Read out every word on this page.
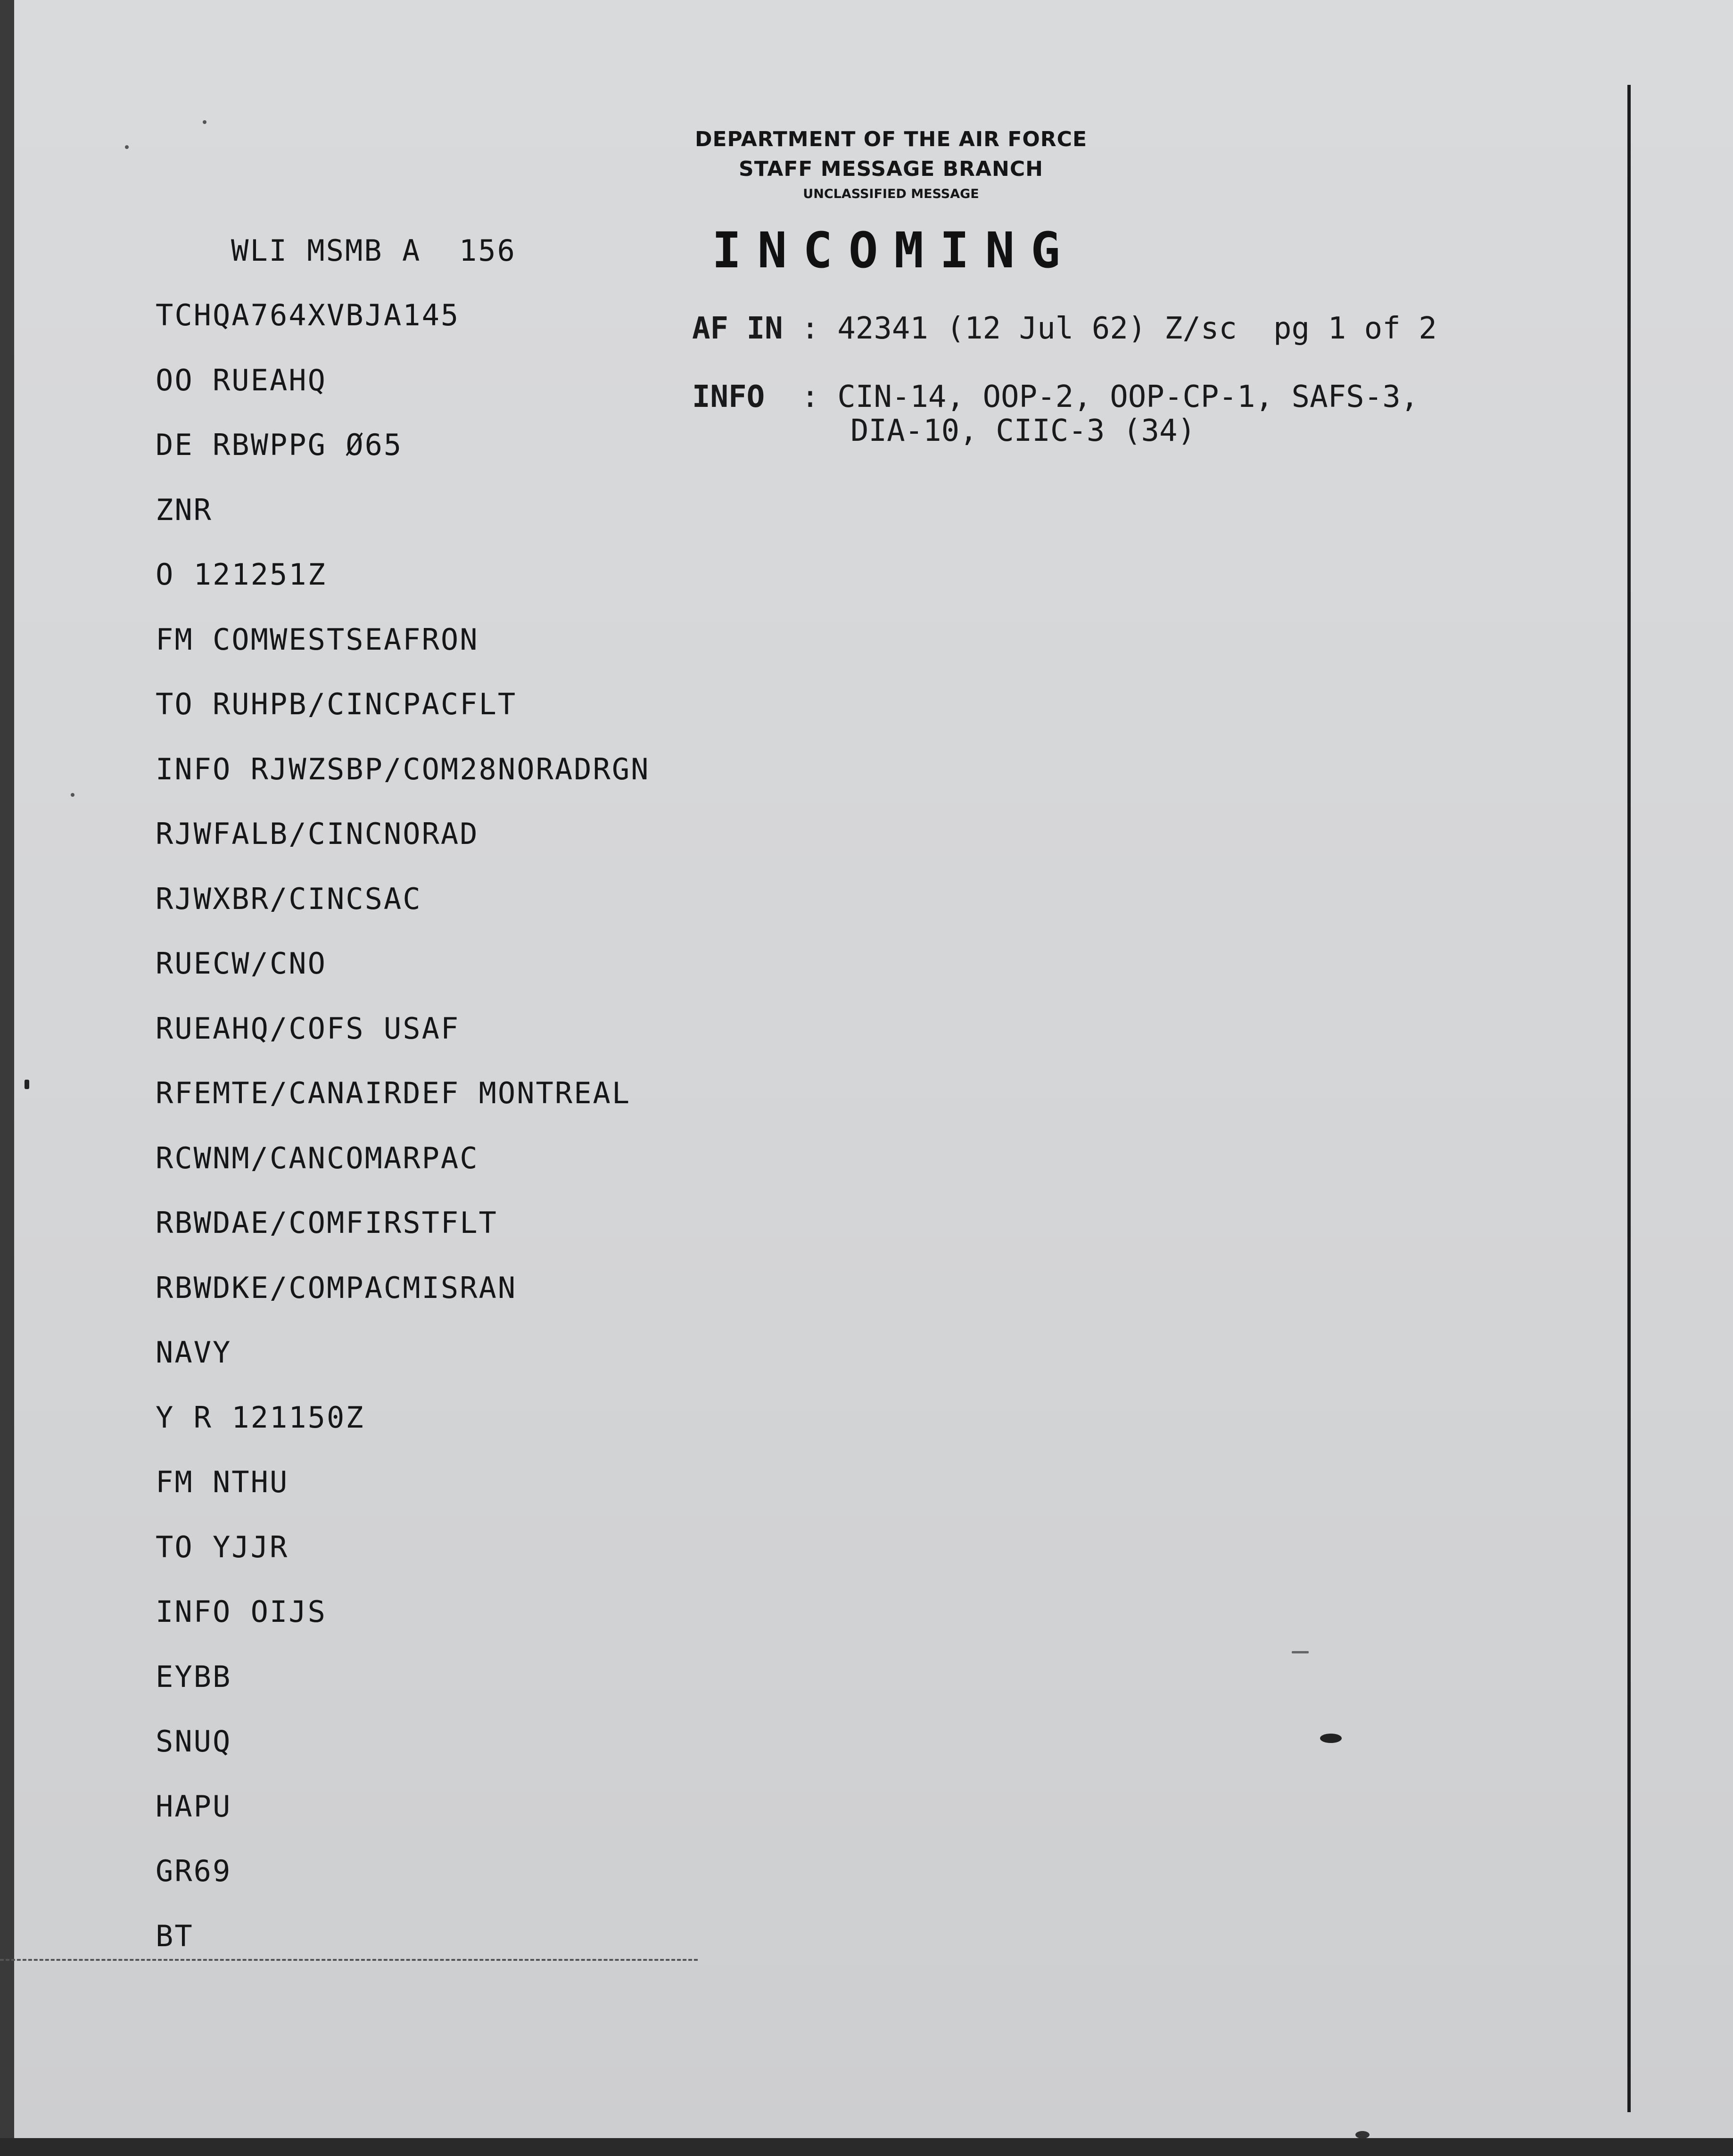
DEPARTMENT OF THE AIR FORCE
STAFF MESSAGE BRANCH
UNCLASSIFIED MESSAGE
INCOMING
AF IN : 42341 (12 Jul 62) Z/sc  pg 1 of 2
INFO : CIN-14, OOP-2, OOP-CP-1, SAFS-3,
DIA-10, CIIC-3 (34)
WLI MSMB A  156
TCHQA764XVBJA145
OO RUEAHQ
DE RBWPPG Ø65
ZNR
O 121251Z
FM COMWESTSEAFRON
TO RUHPB/CINCPACFLT
INFO RJWZSBP/COM28NORADRGN
RJWFALB/CINCNORAD
RJWXBR/CINCSAC
RUECW/CNO
RUEAHQ/COFS USAF
RFEMTE/CANAIRDEF MONTREAL
RCWNM/CANCOMARPAC
RBWDAE/COMFIRSTFLT
RBWDKE/COMPACMISRAN
NAVY
Y R 121150Z
FM NTHU
TO YJJR
INFO OIJS
EYBB
SNUQ
HAPU
GR69
BT
